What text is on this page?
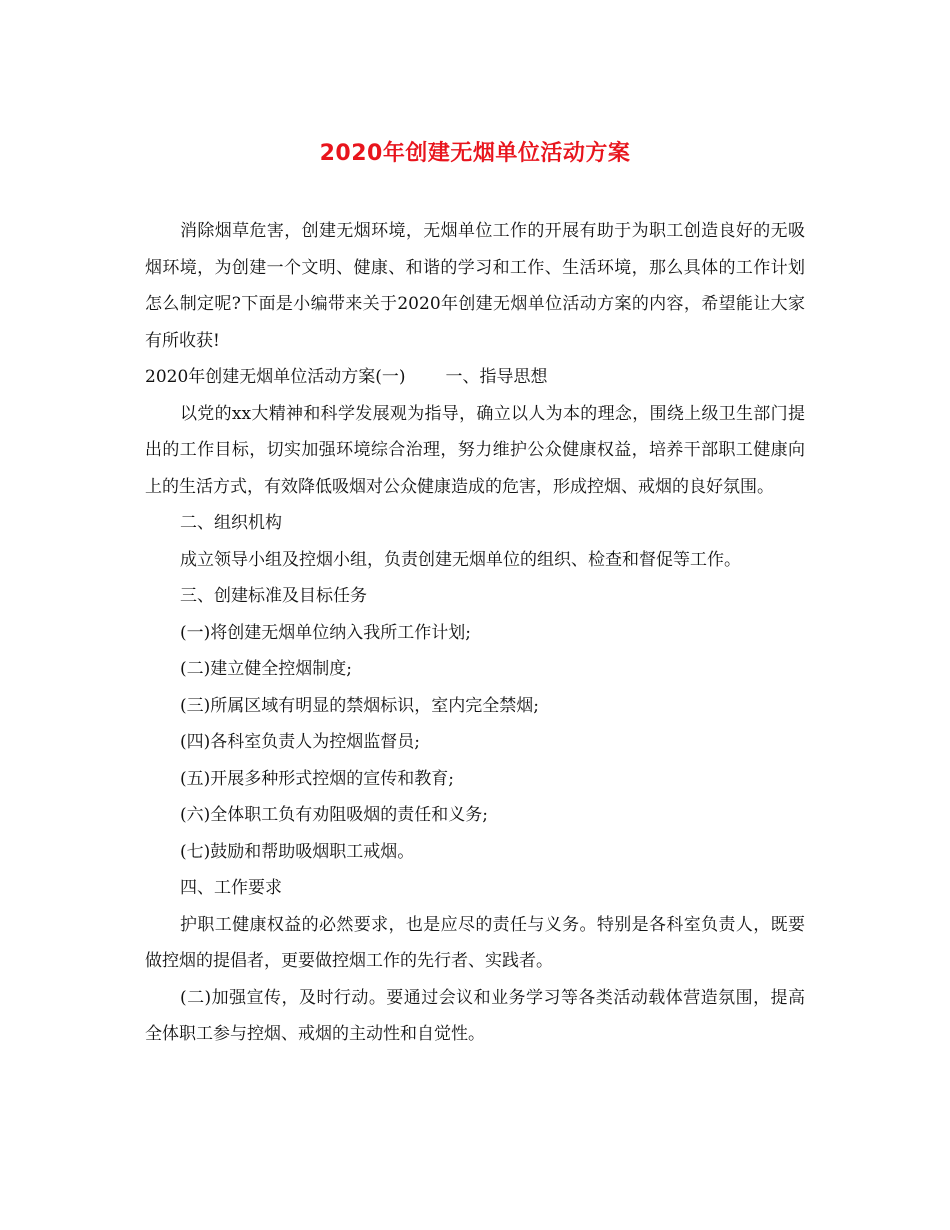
2020年创建无烟单位活动方案

消除烟草危害，创建无烟环境，无烟单位工作的开展有助于为职工创造良好的无吸烟环境，为创建一个文明、健康、和谐的学习和工作、生活环境，那么具体的工作计划怎么制定呢?下面是小编带来关于2020年创建无烟单位活动方案的内容，希望能让大家有所收获!

2020年创建无烟单位活动方案(一) 一、指导思想

以党的xx大精神和科学发展观为指导，确立以人为本的理念，围绕上级卫生部门提出的工作目标，切实加强环境综合治理，努力维护公众健康权益，培养干部职工健康向上的生活方式，有效降低吸烟对公众健康造成的危害，形成控烟、戒烟的良好氛围。

二、组织机构

成立领导小组及控烟小组，负责创建无烟单位的组织、检查和督促等工作。

三、创建标准及目标任务

(一)将创建无烟单位纳入我所工作计划;

(二)建立健全控烟制度;

(三)所属区域有明显的禁烟标识，室内完全禁烟;

(四)各科室负责人为控烟监督员;

(五)开展多种形式控烟的宣传和教育;

(六)全体职工负有劝阻吸烟的责任和义务;

(七)鼓励和帮助吸烟职工戒烟。

四、工作要求

护职工健康权益的必然要求，也是应尽的责任与义务。特别是各科室负责人，既要做控烟的提倡者，更要做控烟工作的先行者、实践者。

(二)加强宣传，及时行动。要通过会议和业务学习等各类活动载体营造氛围，提高全体职工参与控烟、戒烟的主动性和自觉性。
